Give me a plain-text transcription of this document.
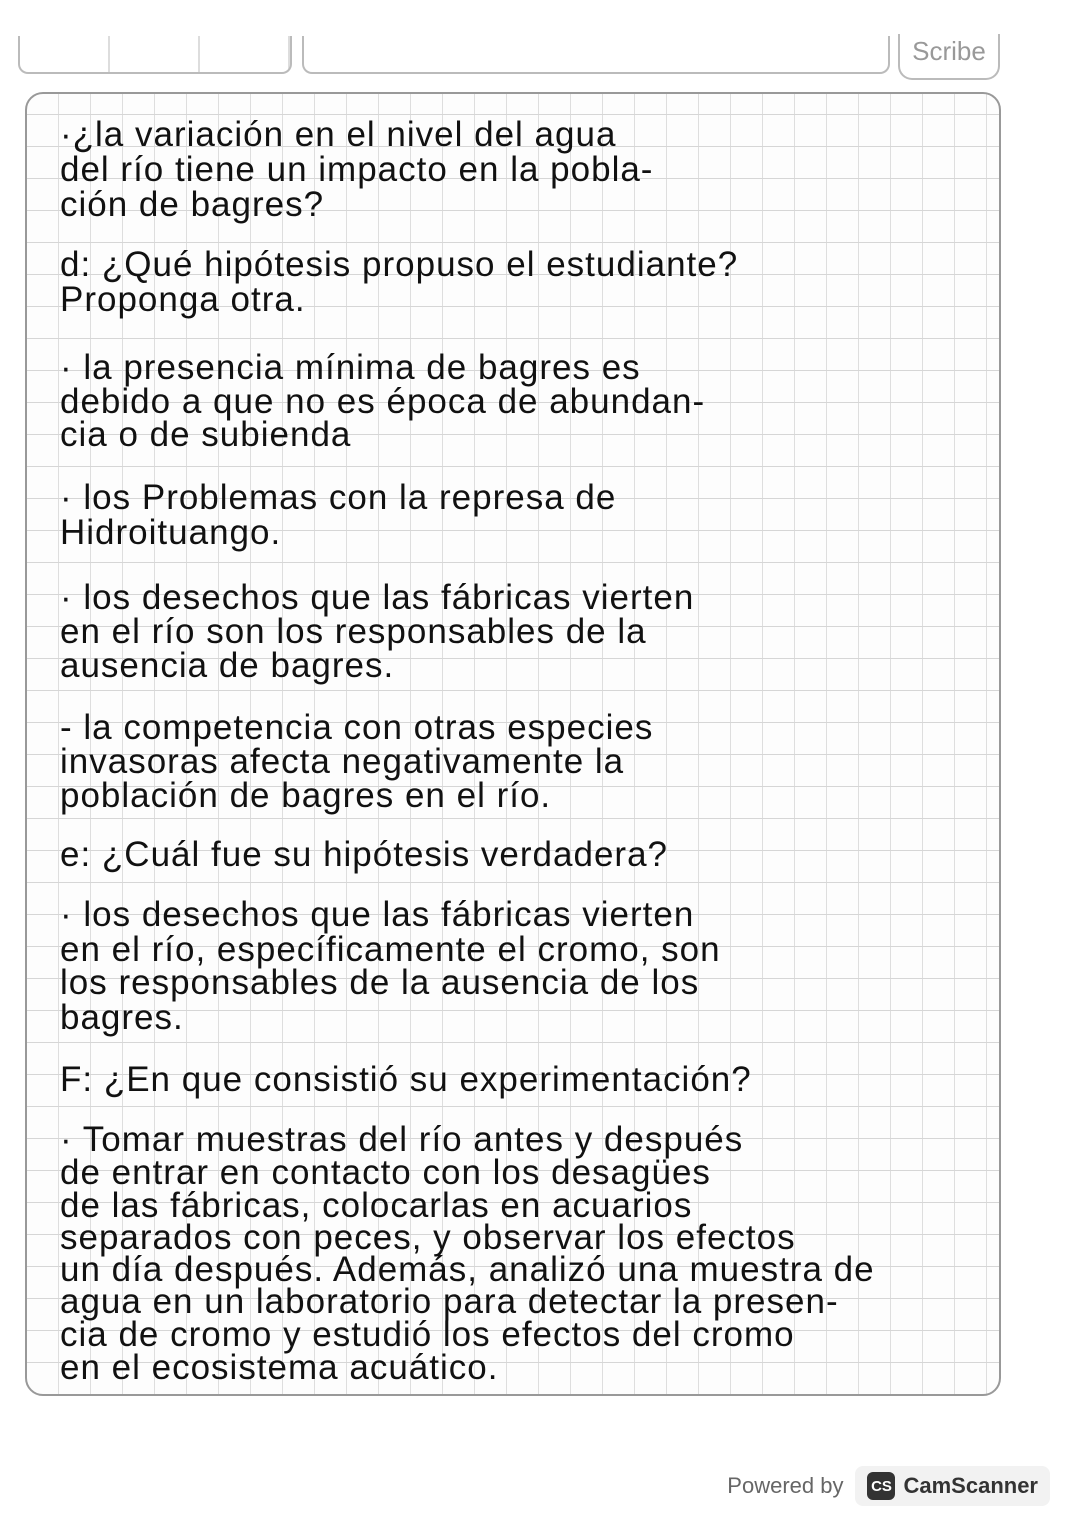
Scribe
·¿la variación en el nivel del agua
del río tiene un impacto en la pobla-
ción de bagres?
d: ¿Qué hipótesis propuso el estudiante?
Proponga otra.
· la presencia mínima de bagres es
debido a que no es época de abundan-
cia o de subienda
· los Problemas con la represa de
Hidroituango.
· los desechos que las fábricas vierten
en el río son los responsables de la
ausencia de bagres.
- la competencia con otras especies
invasoras afecta negativamente la
población de bagres en el río.
e: ¿Cuál fue su hipótesis verdadera?
· los desechos que las fábricas vierten
en el río, específicamente el cromo, son
los responsables de la ausencia de los
bagres.
F: ¿En que consistió su experimentación?
· Tomar muestras del río antes y después
de entrar en contacto con los desagües
de las fábricas, colocarlas en acuarios
separados con peces, y observar los efectos
un día después. Además, analizó una muestra de
agua en un laboratorio para detectar la presen-
cia de cromo y estudió los efectos del cromo
en el ecosistema acuático.
Powered by CS CamScanner
